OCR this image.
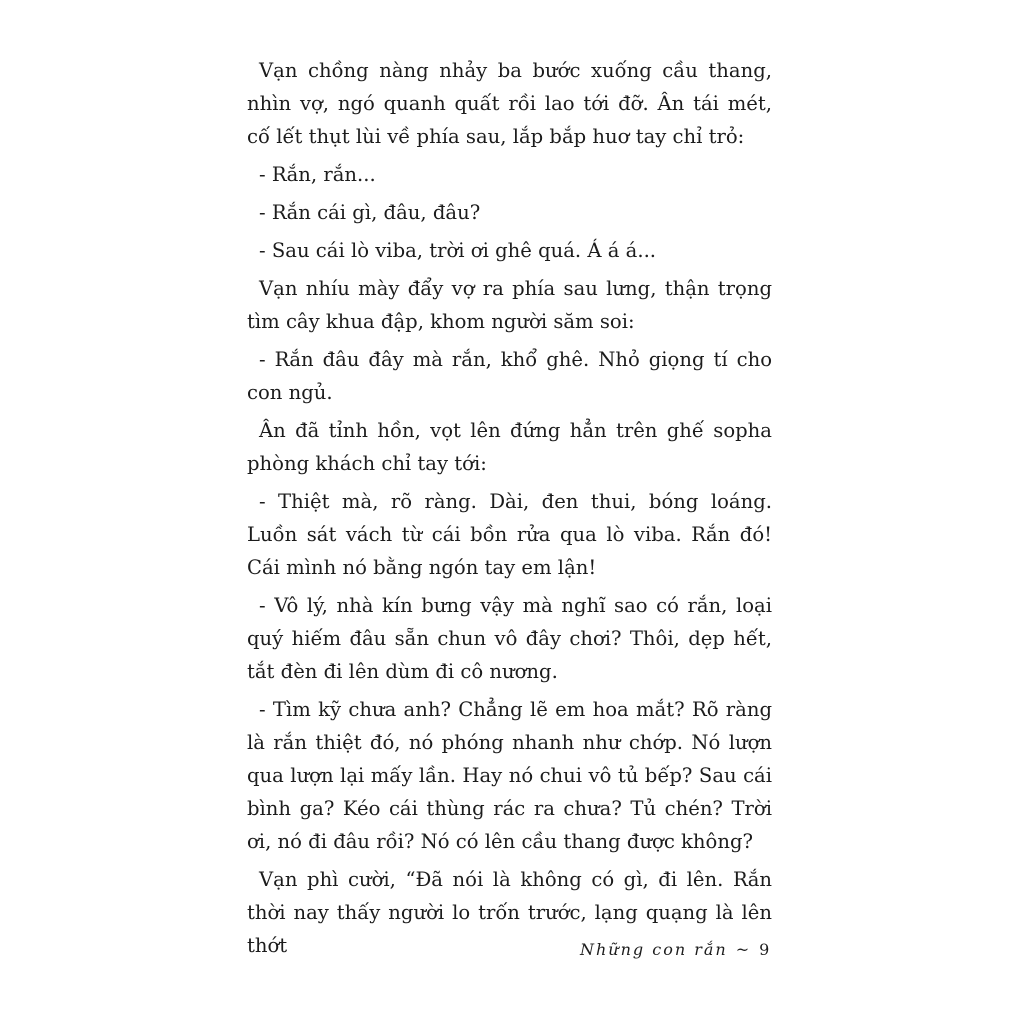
Vạn chồng nàng nhảy ba bước xuống cầu thang, nhìn vợ, ngó quanh quất rồi lao tới đỡ. Ân tái mét, cố lết thụt lùi về phía sau, lắp bắp huơ tay chỉ trỏ:

- Rắn, rắn...

- Rắn cái gì, đâu, đâu?

- Sau cái lò viba, trời ơi ghê quá. Á á á...

Vạn nhíu mày đẩy vợ ra phía sau lưng, thận trọng tìm cây khua đập, khom người săm soi:

- Rắn đâu đây mà rắn, khổ ghê. Nhỏ giọng tí cho con ngủ.

Ân đã tỉnh hồn, vọt lên đứng hẳn trên ghế sopha phòng khách chỉ tay tới:

- Thiệt mà, rõ ràng. Dài, đen thui, bóng loáng. Luồn sát vách từ cái bồn rửa qua lò viba. Rắn đó! Cái mình nó bằng ngón tay em lận!

- Vô lý, nhà kín bưng vậy mà nghĩ sao có rắn, loại quý hiếm đâu sẵn chun vô đây chơi? Thôi, dẹp hết, tắt đèn đi lên dùm đi cô nương.

- Tìm kỹ chưa anh? Chẳng lẽ em hoa mắt? Rõ ràng là rắn thiệt đó, nó phóng nhanh như chớp. Nó lượn qua lượn lại mấy lần. Hay nó chui vô tủ bếp? Sau cái bình ga? Kéo cái thùng rác ra chưa? Tủ chén? Trời ơi, nó đi đâu rồi? Nó có lên cầu thang được không?

Vạn phì cười, “Đã nói là không có gì, đi lên. Rắn thời nay thấy người lo trốn trước, lạng quạng là lên thớt	Những con rắn ~ 9
